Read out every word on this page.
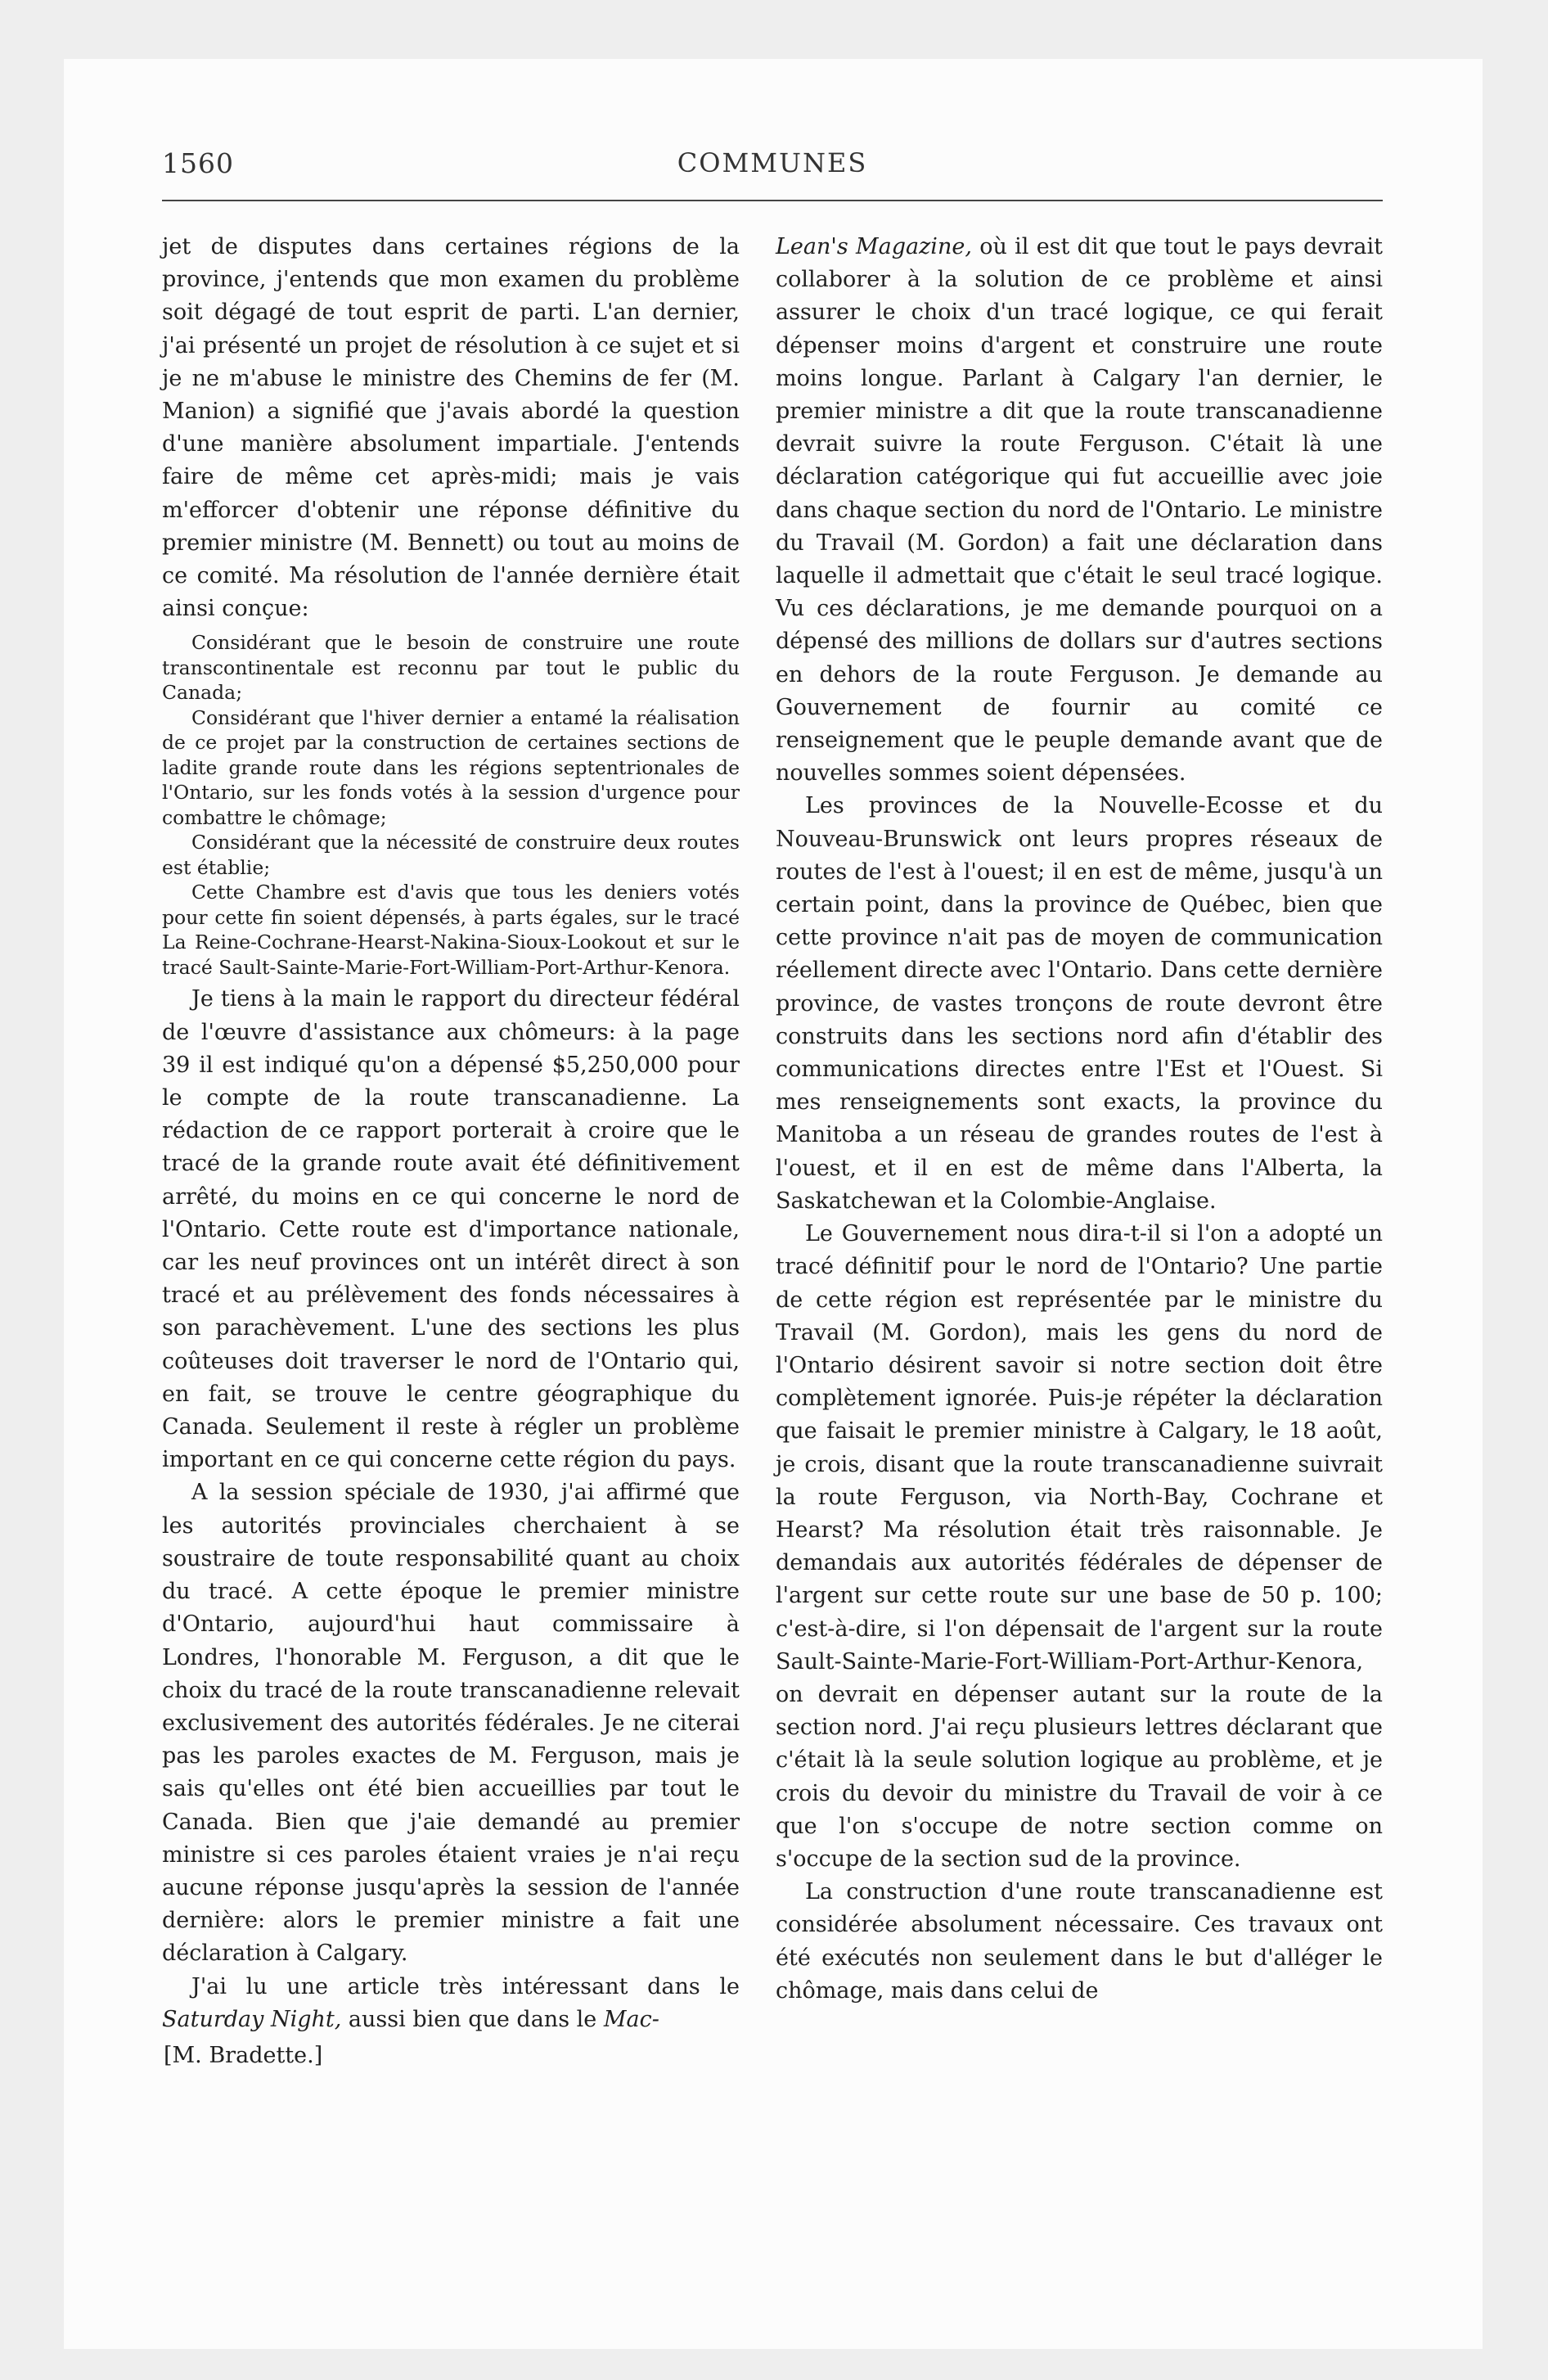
1560	COMMUNES

jet de disputes dans certaines régions de la province, j'entends que mon examen du problème soit dégagé de tout esprit de parti. L'an dernier, j'ai présenté un projet de résolution à ce sujet et si je ne m'abuse le ministre des Chemins de fer (M. Manion) a signifié que j'avais abordé la question d'une manière absolument impartiale. J'entends faire de même cet après-midi; mais je vais m'efforcer d'obtenir une réponse définitive du premier ministre (M. Bennett) ou tout au moins de ce comité. Ma résolution de l'année dernière était ainsi conçue:

Considérant que le besoin de construire une route transcontinentale est reconnu par tout le public du Canada;

Considérant que l'hiver dernier a entamé la réalisation de ce projet par la construction de certaines sections de ladite grande route dans les régions septentrionales de l'Ontario, sur les fonds votés à la session d'urgence pour combattre le chômage;

Considérant que la nécessité de construire deux routes est établie;

Cette Chambre est d'avis que tous les deniers votés pour cette fin soient dépensés, à parts égales, sur le tracé La Reine-Cochrane-Hearst-Nakina-Sioux-Lookout et sur le tracé Sault-Sainte-Marie-Fort-William-Port-Arthur-Kenora.

Je tiens à la main le rapport du directeur fédéral de l'œuvre d'assistance aux chômeurs: à la page 39 il est indiqué qu'on a dépensé $5,250,000 pour le compte de la route transcanadienne. La rédaction de ce rapport porterait à croire que le tracé de la grande route avait été définitivement arrêté, du moins en ce qui concerne le nord de l'Ontario. Cette route est d'importance nationale, car les neuf provinces ont un intérêt direct à son tracé et au prélèvement des fonds nécessaires à son parachèvement. L'une des sections les plus coûteuses doit traverser le nord de l'Ontario qui, en fait, se trouve le centre géographique du Canada. Seulement il reste à régler un problème important en ce qui concerne cette région du pays.

A la session spéciale de 1930, j'ai affirmé que les autorités provinciales cherchaient à se soustraire de toute responsabilité quant au choix du tracé. A cette époque le premier ministre d'Ontario, aujourd'hui haut commissaire à Londres, l'honorable M. Ferguson, a dit que le choix du tracé de la route transcanadienne relevait exclusivement des autorités fédérales. Je ne citerai pas les paroles exactes de M. Ferguson, mais je sais qu'elles ont été bien accueillies par tout le Canada. Bien que j'aie demandé au premier ministre si ces paroles étaient vraies je n'ai reçu aucune réponse jusqu'après la session de l'année dernière: alors le premier ministre a fait une déclaration à Calgary.

J'ai lu une article très intéressant dans le Saturday Night, aussi bien que dans le Mac-

[M. Bradette.]

Lean's Magazine, où il est dit que tout le pays devrait collaborer à la solution de ce problème et ainsi assurer le choix d'un tracé logique, ce qui ferait dépenser moins d'argent et construire une route moins longue. Parlant à Calgary l'an dernier, le premier ministre a dit que la route transcanadienne devrait suivre la route Ferguson. C'était là une déclaration catégorique qui fut accueillie avec joie dans chaque section du nord de l'Ontario. Le ministre du Travail (M. Gordon) a fait une déclaration dans laquelle il admettait que c'était le seul tracé logique. Vu ces déclarations, je me demande pourquoi on a dépensé des millions de dollars sur d'autres sections en dehors de la route Ferguson. Je demande au Gouvernement de fournir au comité ce renseignement que le peuple demande avant que de nouvelles sommes soient dépensées.

Les provinces de la Nouvelle-Ecosse et du Nouveau-Brunswick ont leurs propres réseaux de routes de l'est à l'ouest; il en est de même, jusqu'à un certain point, dans la province de Québec, bien que cette province n'ait pas de moyen de communication réellement directe avec l'Ontario. Dans cette dernière province, de vastes tronçons de route devront être construits dans les sections nord afin d'établir des communications directes entre l'Est et l'Ouest. Si mes renseignements sont exacts, la province du Manitoba a un réseau de grandes routes de l'est à l'ouest, et il en est de même dans l'Alberta, la Saskatchewan et la Colombie-Anglaise.

Le Gouvernement nous dira-t-il si l'on a adopté un tracé définitif pour le nord de l'Ontario? Une partie de cette région est représentée par le ministre du Travail (M. Gordon), mais les gens du nord de l'Ontario désirent savoir si notre section doit être complètement ignorée. Puis-je répéter la déclaration que faisait le premier ministre à Calgary, le 18 août, je crois, disant que la route transcanadienne suivrait la route Ferguson, via North-Bay, Cochrane et Hearst? Ma résolution était très raisonnable. Je demandais aux autorités fédérales de dépenser de l'argent sur cette route sur une base de 50 p. 100; c'est-à-dire, si l'on dépensait de l'argent sur la route Sault-Sainte-Marie-Fort-William-Port-Arthur-Kenora, on devrait en dépenser autant sur la route de la section nord. J'ai reçu plusieurs lettres déclarant que c'était là la seule solution logique au problème, et je crois du devoir du ministre du Travail de voir à ce que l'on s'occupe de notre section comme on s'occupe de la section sud de la province.

La construction d'une route transcanadienne est considérée absolument nécessaire. Ces travaux ont été exécutés non seulement dans le but d'alléger le chômage, mais dans celui de
